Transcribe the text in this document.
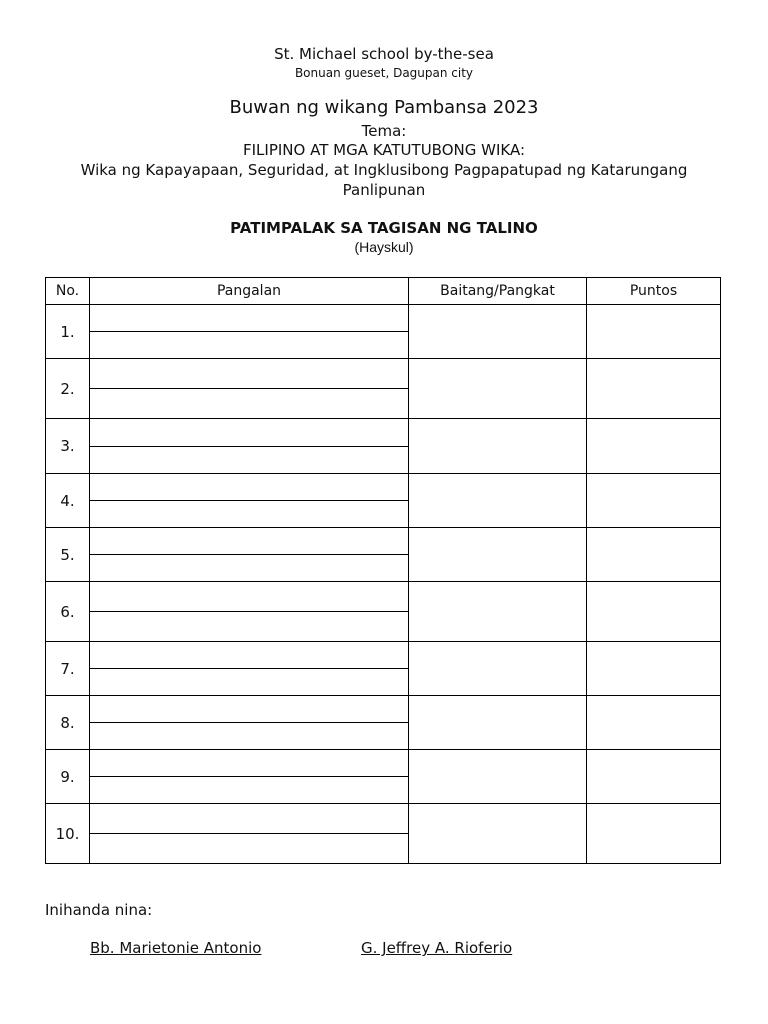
St. Michael school by-the-sea
Bonuan gueset, Dagupan city
Buwan ng wikang Pambansa 2023
Tema:
FILIPINO AT MGA KATUTUBONG WIKA:
Wika ng Kapayapaan, Seguridad, at Ingklusibong Pagpapatupad ng Katarungang Panlipunan
PATIMPALAK SA TAGISAN NG TALINO
(Hayskul)
No.	Pangalan	Baitang/Pangkat	Puntos
1.	

2.	

3.	

4.	

5.	

6.	

7.	

8.	

9.	

10.	

Inihanda nina:
Bb. Marietonie Antonio	G. Jeffrey A. Rioferio
